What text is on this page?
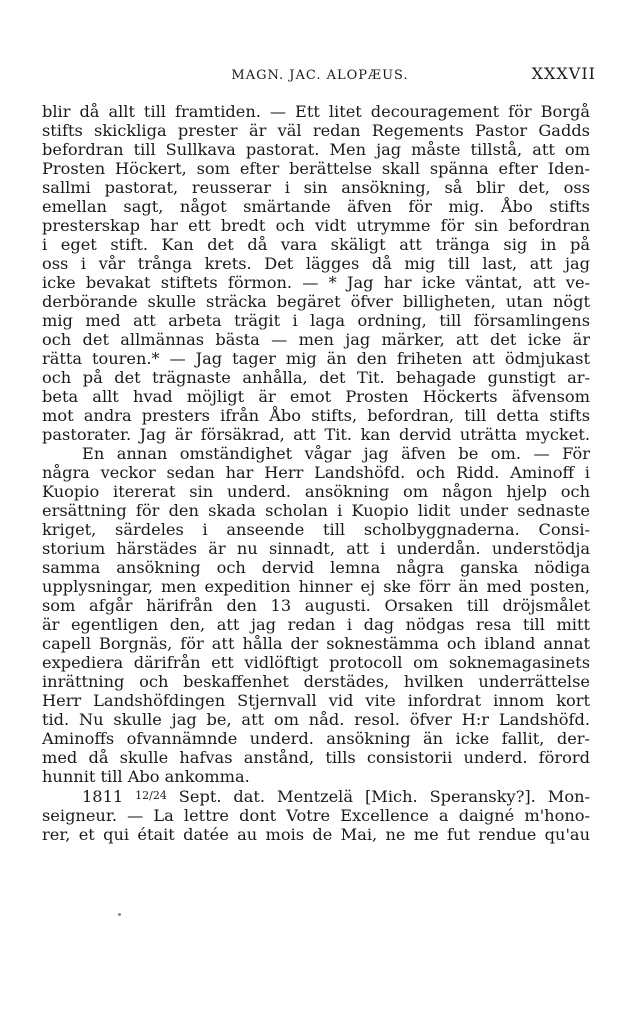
MAGN. JAC. ALOPÆUS.	XXXVII
blir då allt till framtiden. — Ett litet decouragement för Borgå
stifts skickliga prester är väl redan Regements Pastor Gadds
befordran till Sullkava pastorat. Men jag måste tillstå, att om
Prosten Höckert, som efter berättelse skall spänna efter Iden-
sallmi pastorat, reusserar i sin ansökning, så blir det, oss
emellan sagt, något smärtande äfven för mig. Åbo stifts
presterskap har ett bredt och vidt utrymme för sin befordran
i eget stift. Kan det då vara skäligt att tränga sig in på
oss i vår trånga krets. Det lägges då mig till last, att jag
icke bevakat stiftets förmon. — * Jag har icke väntat, att ve-
derbörande skulle sträcka begäret öfver billigheten, utan nögt
mig med att arbeta trägit i laga ordning, till församlingens
och det allmännas bästa — men jag märker, att det icke är
rätta touren.* — Jag tager mig än den friheten att ödmjukast
och på det trägnaste anhålla, det Tit. behagade gunstigt ar-
beta allt hvad möjligt är emot Prosten Höckerts äfvensom
mot andra presters ifrån Åbo stifts, befordran, till detta stifts
pastorater. Jag är försäkrad, att Tit. kan dervid uträtta mycket.
En annan omständighet vågar jag äfven be om. — För
några veckor sedan har Herr Landshöfd. och Ridd. Aminoff i
Kuopio itererat sin underd. ansökning om någon hjelp och
ersättning för den skada scholan i Kuopio lidit under sednaste
kriget, särdeles i anseende till scholbyggnaderna. Consi-
storium härstädes är nu sinnadt, att i underdån. understödja
samma ansökning och dervid lemna några ganska nödiga
upplysningar, men expedition hinner ej ske förr än med posten,
som afgår härifrån den 13 augusti. Orsaken till dröjsmålet
är egentligen den, att jag redan i dag nödgas resa till mitt
capell Borgnäs, för att hålla der soknestämma och ibland annat
expediera därifrån ett vidlöftigt protocoll om soknemagasinets
inrättning och beskaffenhet derstädes, hvilken underrättelse
Herr Landshöfdingen Stjernvall vid vite infordrat innom kort
tid. Nu skulle jag be, att om nåd. resol. öfver H:r Landshöfd.
Aminoffs ofvannämnde underd. ansökning än icke fallit, der-
med då skulle hafvas anstånd, tills consistorii underd. förord
hunnit till Abo ankomma.
1811 12/24 Sept. dat. Mentzelä [Mich. Speransky?]. Mon-
seigneur. — La lettre dont Votre Excellence a daigné m'hono-
rer, et qui était datée au mois de Mai, ne me fut rendue qu'au
